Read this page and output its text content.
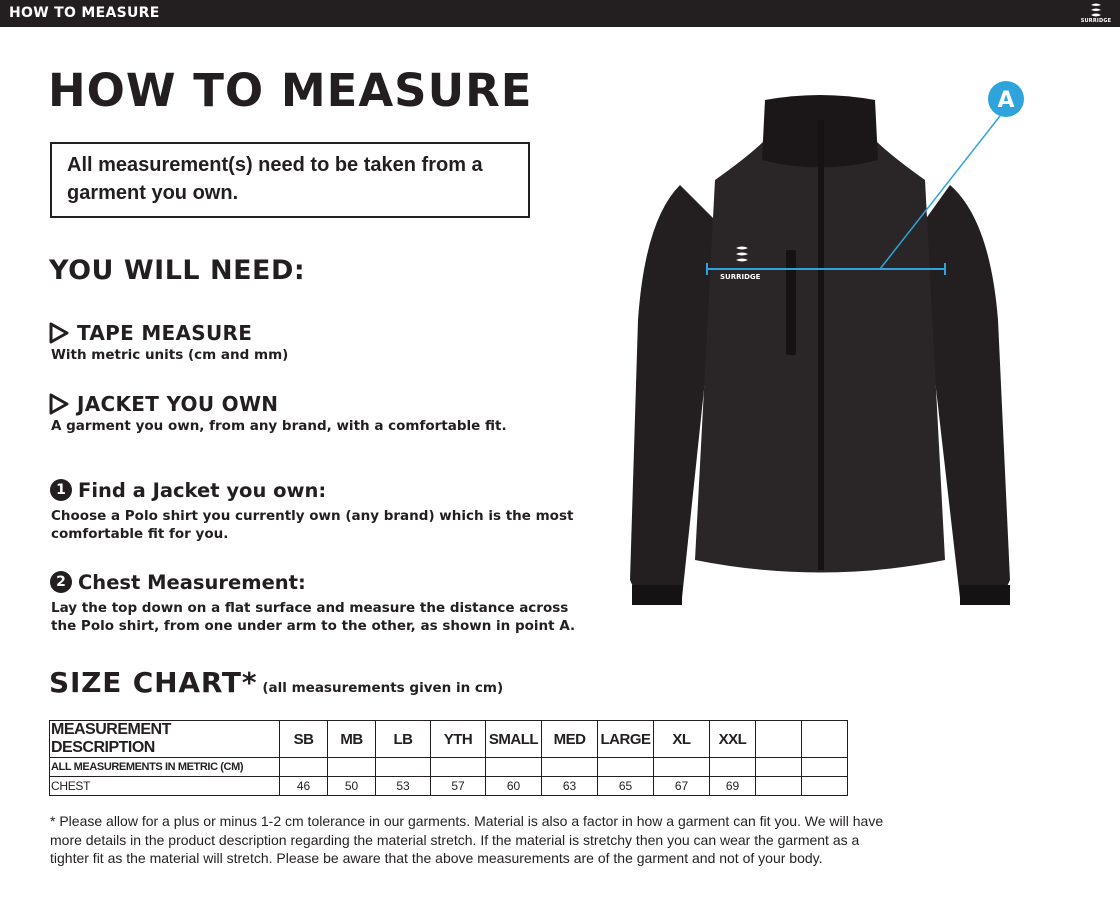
HOW TO MEASURE	SURRIDGE
HOW TO MEASURE
All measurement(s) need to be taken from a
garment you own.
YOU WILL NEED:
TAPE MEASURE
With metric units (cm and mm)
JACKET YOU OWN
A garment you own, from any brand, with a comfortable fit.
1 Find a Jacket you own:
Choose a Polo shirt you currently own (any brand) which is the most
comfortable fit for you.
2 Chest Measurement:
Lay the top down on a flat surface and measure the distance across
the Polo shirt, from one under arm to the other, as shown in point A.
SIZE CHART* (all measurements given in cm)
MEASUREMENT DESCRIPTION	SB	MB	LB	YTH	SMALL	MED	LARGE	XL	XXL		
ALL MEASUREMENTS IN METRIC (CM)											
CHEST	46	50	53	57	60	63	65	67	69		
* Please allow for a plus or minus 1-2 cm tolerance in our garments. Material is also a factor in how a garment can fit you. We will have
more details in the product description regarding the material stretch. If the material is stretchy then you can wear the garment as a
tighter fit as the material will stretch. Please be aware that the above measurements are of the garment and not of your body.
SURRIDGE
A
